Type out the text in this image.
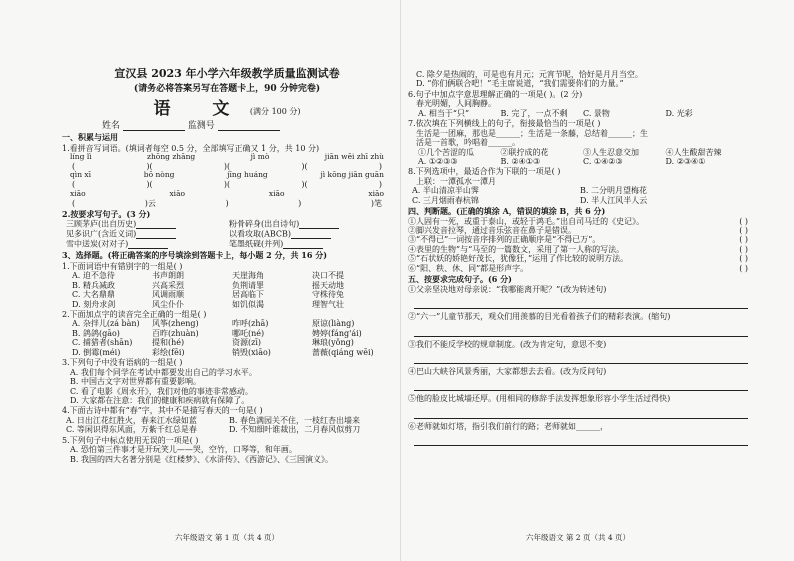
宣汉县 2023 年小学六年级教学质量监测试卷
(请务必将答案另写在答题卡上，90 分钟完卷)
语 文 (满分 100 分)
姓名	监测号
一、积累与运用
1.看拼音写词语。(填词者每空 0.5 分，全部填写正确又 1 分，共 10 分)
líng lì	zhōng zhāng	jì mò	jiān wēi zhī zhù
(	)(	)(	)(	)
qìn xī	bō nòng	jīng huáng	jì kōng jiān guān
(	)(	)(	)(	)
xiāo	xiāo	xiāo	xiāo
(	)云	)	)	)笔
2.按要求写句子。(3 分)
三顾茅庐(出自历史)	粉骨碎身(出自诗句)
见多识广(含近义词)	以看攻取(ABCB)
雪中送炭(对对子)	笔墨纸砚(并列)
3、选择题。(将正确答案的序号填涂到答题卡上，每小题 2 分，共 16 分)
1.下面词语中有错别字的一组是( )
A. 迫不急待	书声朗朗	天崖海角	决口不提
B. 精兵减政	兴高采烈	负荆请罪	摇天动地
C. 大名鼎鼎	风调雨顺	居高临下	守株待兔
D. 刻舟求剑	风尘仆仆	如饥似渴	理智气壮
2.下面加点字的读音完全正确的一组是( )
A. 杂拌儿(zá bàn)	风筝(zheng)	咋呼(zhā)	原谅(liàng)
B. 鸽鸽(gāo)	百昨(zhuàn)	哪吒(né)	娉婷(fáng'ái)
C. 捕猎者(shān)	提和(hé)	资源(zī)	琳琅(yǒng)
D. 倒霉(méi)	彩绘(fēi)	销毁(xiāo)	蔷薇(qiáng wēi)
3.下列句子中没有语病的一组是( )
A. 我们每个同学在考试中都要发出自己的学习水平。
B. 中国古文字对世界都有重要影响。
C. 看了电影《周永开》，我们对他的事迹非常感动。
D. 大家都在注意：我们的健康和疾病就有保障了。
4.下面古诗中都有“春”字，其中不是描写春天的一句是( )
A. 日出江花红胜火，春来江水绿如蓝	B. 春色满园关不住，一枝红杏出墙来
C. 等闲识得东风面，万紫千红总是春	D. 不知细叶谁裁出，二月春风似剪刀
5.下列句子中标点使用无误的一项是( )
A. 恐怕第三件事才是开玩笑儿——哭，空竹，口琴等，和年画。
B. 我国的四大名著分别是《红楼梦》、《水浒传》、《西游记》、《三国演义》。
六年级语文 第 1 页（共 4 页）
C. 除夕是热闹的，可是也有月元；元宵节呢，恰好是月月当空。
D. “你们俩联合吧！”毛主席说道，“我们需要你们的力量。”
6.句子中加点字意思理解正确的一项是( )。(2 分)
春光明媚，人间胸静。
A. 相当于“只”	B. 完了，一点不剩	C. 景物	D. 光彩
7.依次填在下列横线上的句子，衔接最恰当的一项是( )
生活是一团麻，那也是______；生活是一条藤，总结着______；生
活是一首歌，吟唱着______。
①几个苦涩的瓜	②联拧成的花	③人生忍意交加	④人生酸甜苦辣
A. ①②③③	B. ②④①③	C. ①④②③	D. ②③④①
8.下列选项中，最适合作为下联的一项是( )
上联：一潭孤水一潭月
A. 半山清凉半山霁	B. 二分明月望梅花
C. 三月烟雨春杭锦	D. 半人江风半人云
四、判断题。(正确的填涂 A，错误的填涂 B，共 6 分)
①人固有一死，或重于泰山，或轻于鸿毛。”出自司马迁的《史记》。	( )
②脚兴发音拉琴，通过音乐弦音在鼻子是错误。	( )
③“不得已”一词按音序排列的正确顺序是“不得已万”。	( )
④表里的生物”与“马至的一篇数文，采用了第一人称的写法。	( )
⑤“石状妖的娇艳好茂长，犹像狂，”运用了作比较的说明方法。	( )
⑥“阳、秩、休、同”都是形声字。	( )
五、按要求完成句子。(6 分)
①父亲坚决地对母亲说：“我哪能离开呢？”(改为转述句)
②“六一”儿童节那天，观众们用羡慕的目光看着孩子们的精彩表演。(缩句)
③我们不能反学校的规章制度。(改为肯定句，意思不变)
④巴山大峡谷风景秀丽，大家都想去去看。(改为反问句)
⑤他的脸皮比城墙还厚。(用相同的修辞手法发挥想象形容小学生活过得快)
⑥老师就如灯塔，指引我们前行的路；老师就如______，
六年级语文 第 2 页（共 4 页）
